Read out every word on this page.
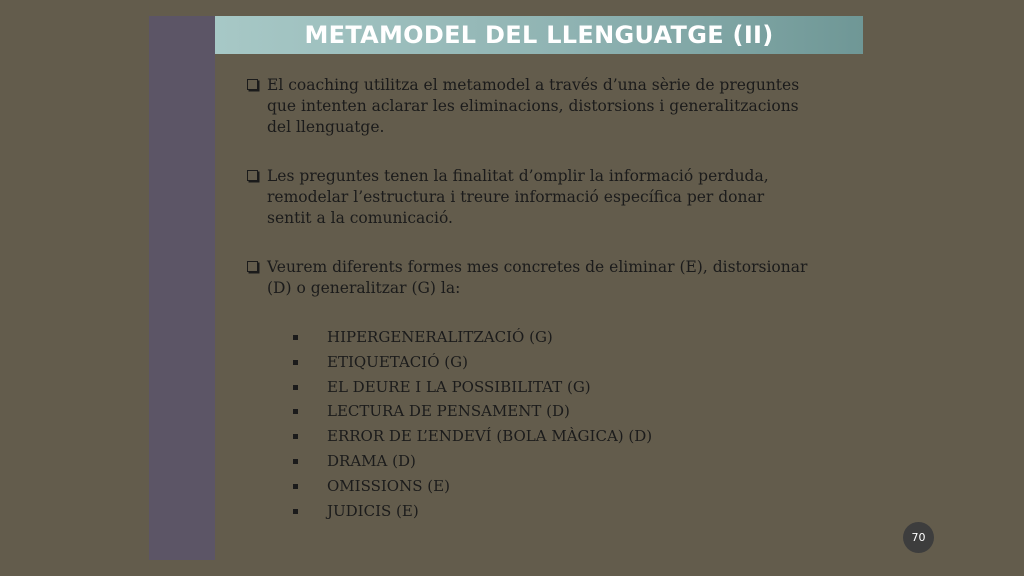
METAMODEL DEL LLENGUATGE (II)
El coaching utilitza el metamodel a través d’una sèrie de preguntes
que intenten aclarar les eliminacions, distorsions i generalitzacions
del llenguatge.
Les preguntes tenen la finalitat d’omplir la informació perduda,
remodelar l’estructura i treure informació específica per donar
sentit a la comunicació.
Veurem diferents formes mes concretes de eliminar (E), distorsionar
(D) o generalitzar (G) la:
HIPERGENERALITZACIÓ (G)
ETIQUETACIÓ (G)
EL DEURE I LA POSSIBILITAT (G)
LECTURA DE PENSAMENT (D)
ERROR DE L’ENDEVÍ (BOLA MÀGICA) (D)
DRAMA (D)
OMISSIONS (E)
JUDICIS (E)
70
